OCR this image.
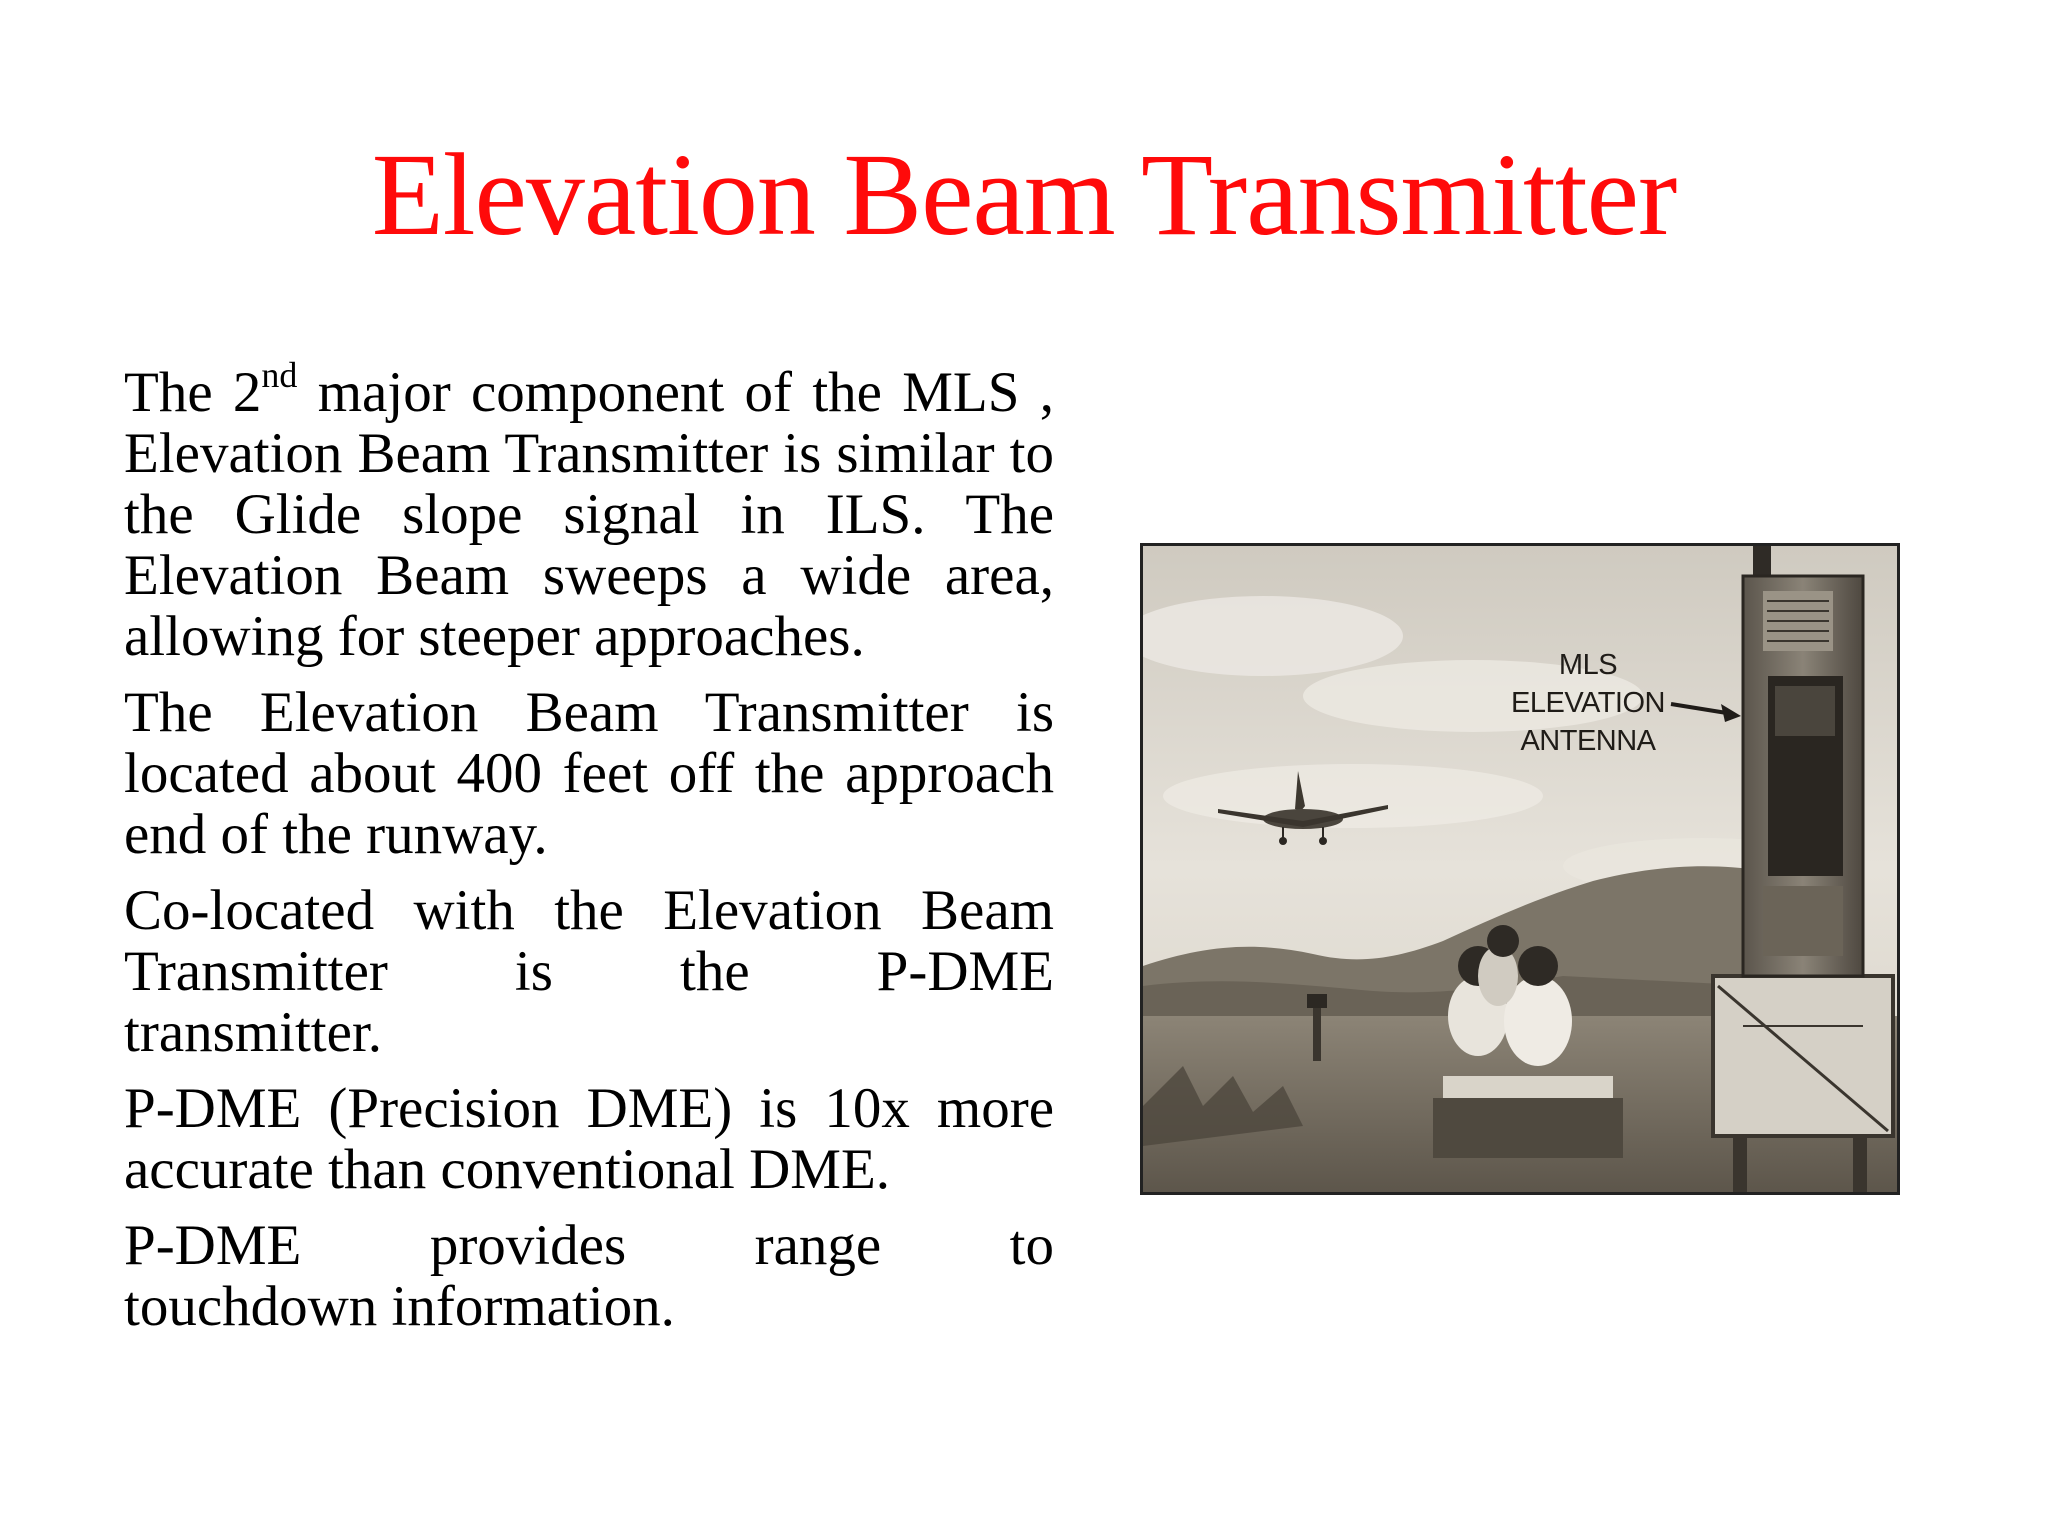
Elevation Beam Transmitter

The 2nd major component of the MLS , Elevation Beam Transmitter is similar to the Glide slope signal in ILS. The Elevation Beam sweeps a wide area, allowing for steeper approaches.

The Elevation Beam Transmitter is located about 400 feet off the approach end of the runway.

Co-located with the Elevation Beam Transmitter is the P-DME
transmitter.

P-DME (Precision DME) is 10x more accurate than conventional DME.

P-DME provides range to
touchdown information.

MLS
ELEVATION
ANTENNA
